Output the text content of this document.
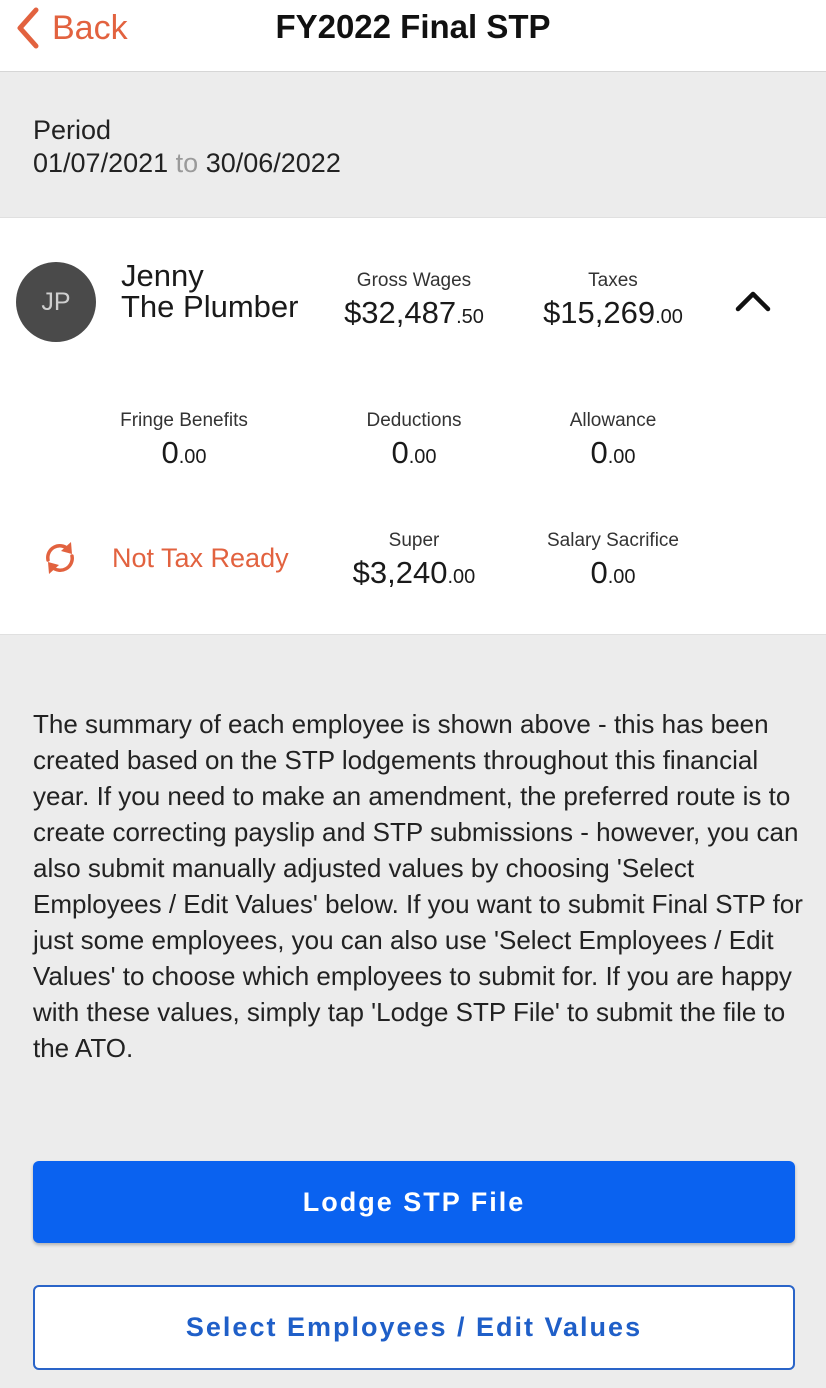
Back	FY2022 Final STP
Period
01/07/2021 to 30/06/2022
JP
Jenny
The Plumber
Gross Wages
$32,487.50
Taxes
$15,269.00
Fringe Benefits
0.00
Deductions
0.00
Allowance
0.00
Not Tax Ready
Super
$3,240.00
Salary Sacrifice
0.00
The summary of each employee is shown above - this has been created based on the STP lodgements throughout this financial year. If you need to make an amendment, the preferred route is to create correcting payslip and STP submissions - however, you can also submit manually adjusted values by choosing 'Select Employees / Edit Values' below. If you want to submit Final STP for just some employees, you can also use 'Select Employees / Edit Values' to choose which employees to submit for. If you are happy with these values, simply tap 'Lodge STP File' to submit the file to the ATO.
Lodge STP File
Select Employees / Edit Values
